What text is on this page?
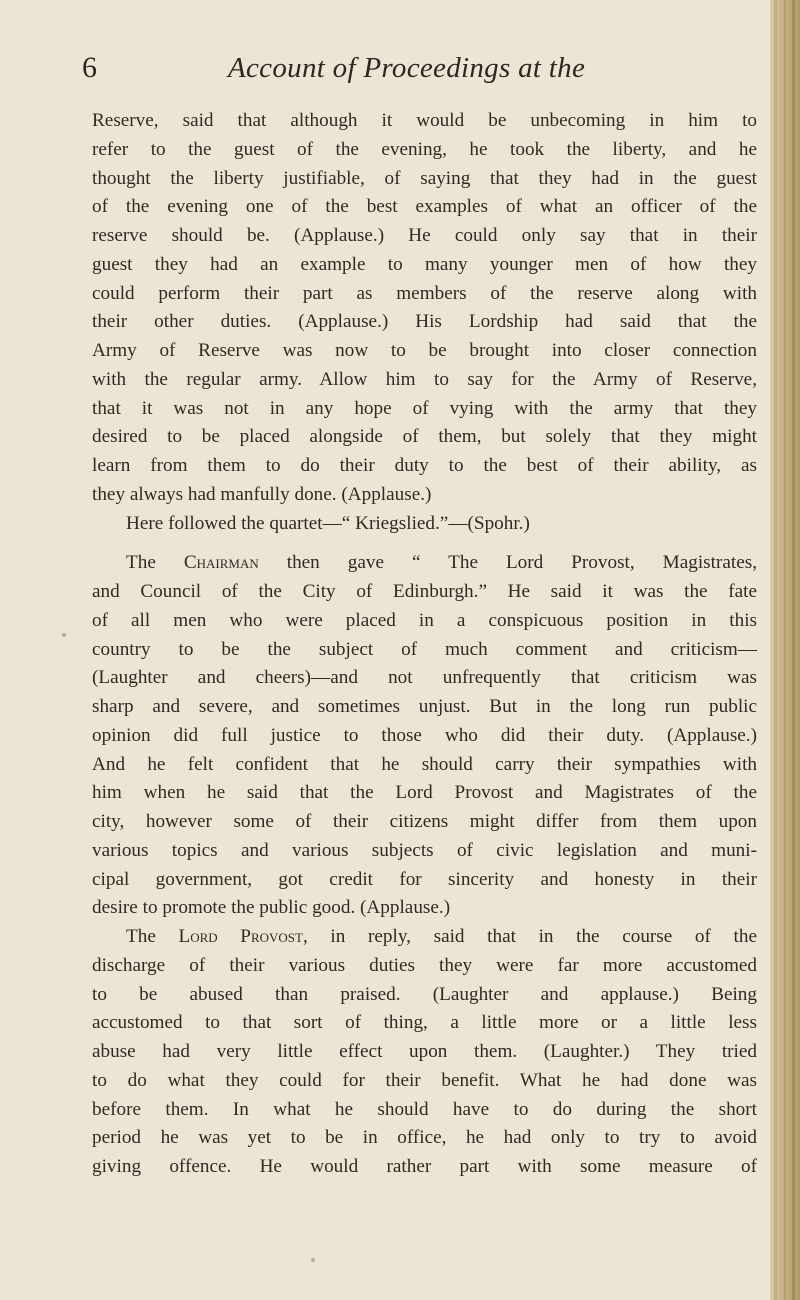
6	Account of Proceedings at the
Reserve, said that although it would be unbecoming in him to
refer to the guest of the evening, he took the liberty, and he
thought the liberty justifiable, of saying that they had in the guest
of the evening one of the best examples of what an officer of the
reserve should be. (Applause.) He could only say that in their
guest they had an example to many younger men of how they
could perform their part as members of the reserve along with
their other duties. (Applause.) His Lordship had said that the
Army of Reserve was now to be brought into closer connection
with the regular army. Allow him to say for the Army of Reserve,
that it was not in any hope of vying with the army that they
desired to be placed alongside of them, but solely that they might
learn from them to do their duty to the best of their ability, as
they always had manfully done. (Applause.)
Here followed the quartet—“ Kriegslied.”—(Spohr.)
The Chairman then gave “ The Lord Provost, Magistrates,
and Council of the City of Edinburgh.” He said it was the fate
of all men who were placed in a conspicuous position in this
country to be the subject of much comment and criticism—
(Laughter and cheers)—and not unfrequently that criticism was
sharp and severe, and sometimes unjust. But in the long run public
opinion did full justice to those who did their duty. (Applause.)
And he felt confident that he should carry their sympathies with
him when he said that the Lord Provost and Magistrates of the
city, however some of their citizens might differ from them upon
various topics and various subjects of civic legislation and muni-
cipal government, got credit for sincerity and honesty in their
desire to promote the public good. (Applause.)
The Lord Provost, in reply, said that in the course of the
discharge of their various duties they were far more accustomed
to be abused than praised. (Laughter and applause.) Being
accustomed to that sort of thing, a little more or a little less
abuse had very little effect upon them. (Laughter.) They tried
to do what they could for their benefit. What he had done was
before them. In what he should have to do during the short
period he was yet to be in office, he had only to try to avoid
giving offence. He would rather part with some measure of
